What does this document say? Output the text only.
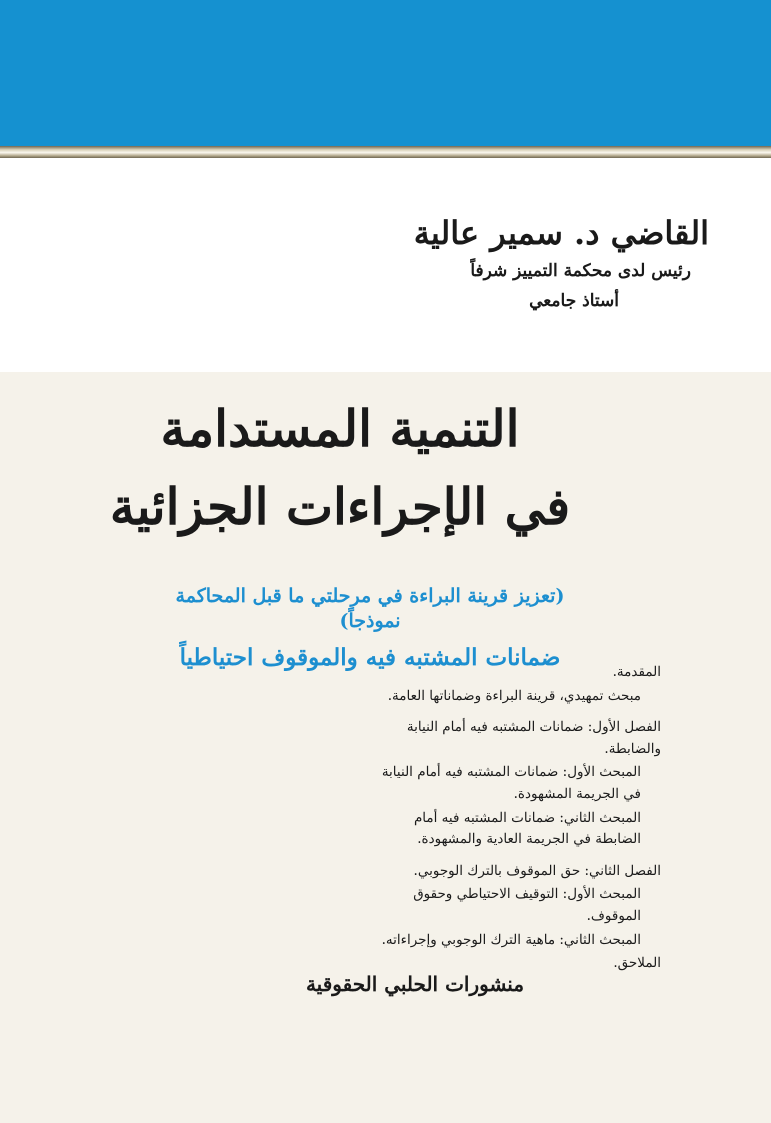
القاضي د. سمير عالية

رئيس لدى محكمة التمييز شرفاً

أستاذ جامعي

التنمية المستدامة

في الإجراءات الجزائية

(تعزيز قرينة البراءة في مرحلتي ما قبل المحاكمة نموذجاً)

ضمانات المشتبه فيه والموقوف احتياطياً

المقدمة.

مبحث تمهيدي، قرينة البراءة وضماناتها العامة.

الفصل الأول: ضمانات المشتبه فيه أمام النيابة والضابطة.

المبحث الأول: ضمانات المشتبه فيه أمام النيابة في الجريمة المشهودة.

المبحث الثاني: ضمانات المشتبه فيه أمام الضابطة في الجريمة العادية والمشهودة.

الفصل الثاني: حق الموقوف بالترك الوجوبي.

المبحث الأول: التوقيف الاحتياطي وحقوق الموقوف.

المبحث الثاني: ماهية الترك الوجوبي وإجراءاته.

الملاحق.

منشورات الحلبي الحقوقية
